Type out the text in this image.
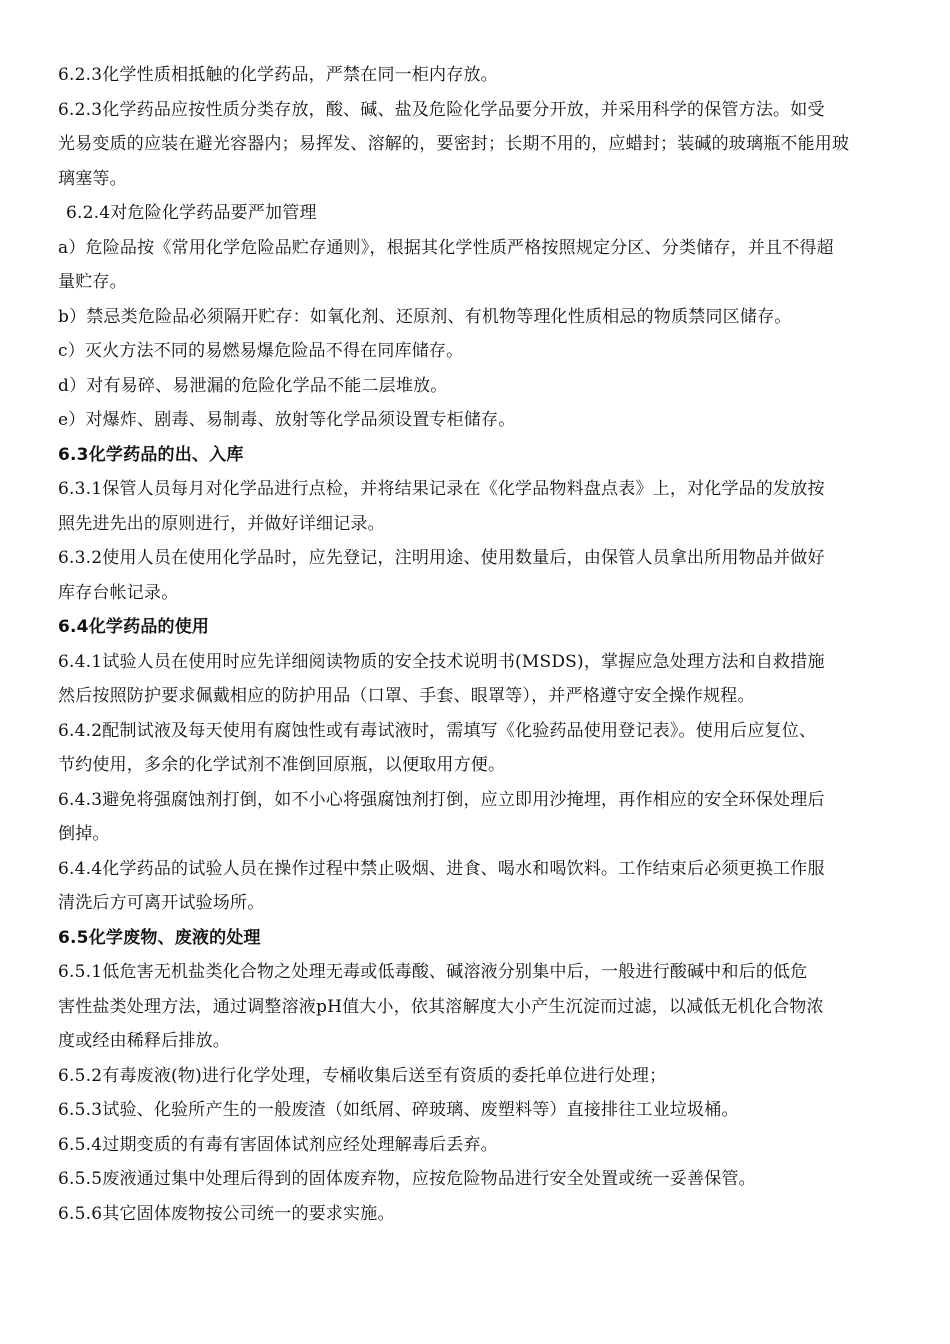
6.2.3化学性质相抵触的化学药品，严禁在同一柜内存放。
6.2.3化学药品应按性质分类存放，酸、碱、盐及危险化学品要分开放，并采用科学的保管方法。如受
光易变质的应装在避光容器内；易挥发、溶解的，要密封；长期不用的，应蜡封；装碱的玻璃瓶不能用玻
璃塞等。
6.2.4对危险化学药品要严加管理
a）危险品按《常用化学危险品贮存通则》，根据其化学性质严格按照规定分区、分类储存，并且不得超
量贮存。
b）禁忌类危险品必须隔开贮存：如氧化剂、还原剂、有机物等理化性质相忌的物质禁同区储存。
c）灭火方法不同的易燃易爆危险品不得在同库储存。
d）对有易碎、易泄漏的危险化学品不能二层堆放。
e）对爆炸、剧毒、易制毒、放射等化学品须设置专柜储存。
6.3化学药品的出、入库
6.3.1保管人员每月对化学品进行点检，并将结果记录在《化学品物料盘点表》上，对化学品的发放按
照先进先出的原则进行，并做好详细记录。
6.3.2使用人员在使用化学品时，应先登记，注明用途、使用数量后，由保管人员拿出所用物品并做好
库存台帐记录。
6.4化学药品的使用
6.4.1试验人员在使用时应先详细阅读物质的安全技术说明书(MSDS)，掌握应急处理方法和自救措施
然后按照防护要求佩戴相应的防护用品（口罩、手套、眼罩等），并严格遵守安全操作规程。
6.4.2配制试液及每天使用有腐蚀性或有毒试液时，需填写《化验药品使用登记表》。使用后应复位、
节约使用，多余的化学试剂不准倒回原瓶，以便取用方便。
6.4.3避免将强腐蚀剂打倒，如不小心将强腐蚀剂打倒，应立即用沙掩埋，再作相应的安全环保处理后
倒掉。
6.4.4化学药品的试验人员在操作过程中禁止吸烟、进食、喝水和喝饮料。工作结束后必须更换工作服
清洗后方可离开试验场所。
6.5化学废物、废液的处理
6.5.1低危害无机盐类化合物之处理无毒或低毒酸、碱溶液分别集中后，一般进行酸碱中和后的低危
害性盐类处理方法，通过调整溶液pH值大小，依其溶解度大小产生沉淀而过滤，以减低无机化合物浓
度或经由稀释后排放。
6.5.2有毒废液(物)进行化学处理，专桶收集后送至有资质的委托单位进行处理；
6.5.3试验、化验所产生的一般废渣（如纸屑、碎玻璃、废塑料等）直接排往工业垃圾桶。
6.5.4过期变质的有毒有害固体试剂应经处理解毒后丢弃。
6.5.5废液通过集中处理后得到的固体废弃物，应按危险物品进行安全处置或统一妥善保管。
6.5.6其它固体废物按公司统一的要求实施。
